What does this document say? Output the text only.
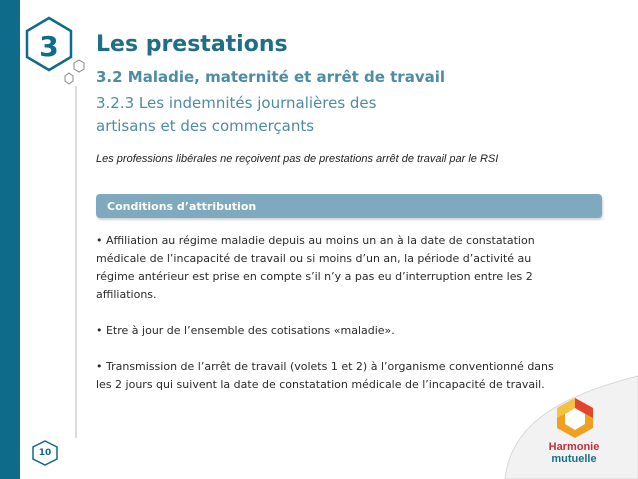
3
10
Les prestations
3.2 Maladie, maternité et arrêt de travail
3.2.3 Les indemnités journalières des artisans et des commerçants
Les professions libérales ne reçoivent pas de prestations arrêt de travail par le RSI
Conditions d’attribution

• Affiliation au régime maladie depuis au moins un an à la date de constatation médicale de l’incapacité de travail ou si moins d’un an, la période d’activité au régime antérieur est prise en compte s’il n’y a pas eu d’interruption entre les 2 affiliations.

• Etre à jour de l’ensemble des cotisations «maladie».

• Transmission de l’arrêt de travail (volets 1 et 2) à l’organisme conventionné dans les 2 jours qui suivent la date de constatation médicale de l’incapacité de travail.

Harmonie
mutuelle
